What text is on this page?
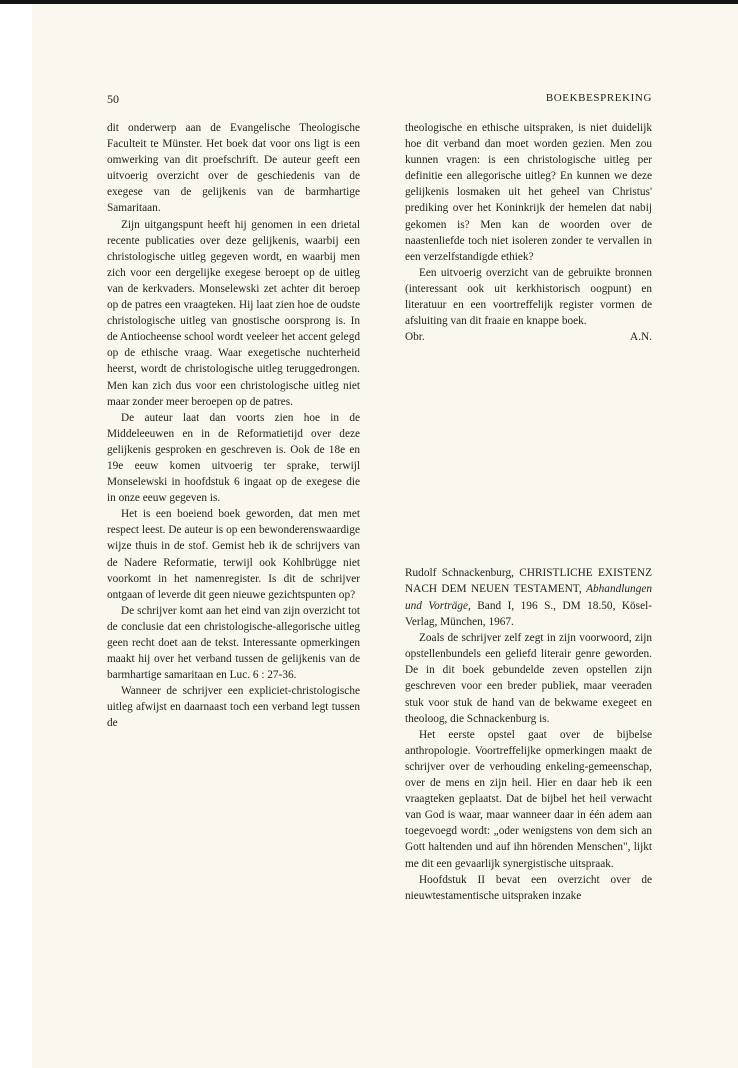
50	BOEKBESPREKING

dit onderwerp aan de Evangelische Theologische Faculteit te Münster. Het boek dat voor ons ligt is een omwerking van dit proefschrift. De auteur geeft een uitvoerig overzicht over de geschiedenis van de exegese van de gelijkenis van de barmhartige Samaritaan.

Zijn uitgangspunt heeft hij genomen in een drietal recente publicaties over deze gelijkenis, waarbij een christologische uitleg gegeven wordt, en waarbij men zich voor een dergelijke exegese beroept op de uitleg van de kerkvaders. Monselewski zet achter dit beroep op de patres een vraagteken. Hij laat zien hoe de oudste christologische uitleg van gnostische oorsprong is. In de Antiocheense school wordt veeleer het accent gelegd op de ethische vraag. Waar exegetische nuchterheid heerst, wordt de christologische uitleg teruggedrongen. Men kan zich dus voor een christologische uitleg niet maar zonder meer beroepen op de patres.

De auteur laat dan voorts zien hoe in de Middeleeuwen en in de Reformatietijd over deze gelijkenis gesproken en geschreven is. Ook de 18e en 19e eeuw komen uitvoerig ter sprake, terwijl Monselewski in hoofdstuk 6 ingaat op de exegese die in onze eeuw gegeven is.

Het is een boeiend boek geworden, dat men met respect leest. De auteur is op een bewonderenswaardige wijze thuis in de stof. Gemist heb ik de schrijvers van de Nadere Reformatie, terwijl ook Kohlbrügge niet voorkomt in het namenregister. Is dit de schrijver ontgaan of leverde dit geen nieuwe gezichtspunten op?

De schrijver komt aan het eind van zijn overzicht tot de conclusie dat een christologische-allegorische uitleg geen recht doet aan de tekst. Interessante opmerkingen maakt hij over het verband tussen de gelijkenis van de barmhartige samaritaan en Luc. 6 : 27-36.

Wanneer de schrijver een expliciet-christologische uitleg afwijst en daarnaast toch een verband legt tussen de

theologische en ethische uitspraken, is niet duidelijk hoe dit verband dan moet worden gezien. Men zou kunnen vragen: is een christologische uitleg per definitie een allegorische uitleg? En kunnen we deze gelijkenis losmaken uit het geheel van Christus' prediking over het Koninkrijk der hemelen dat nabij gekomen is? Men kan de woorden over de naastenliefde toch niet isoleren zonder te vervallen in een verzelfstandigde ethiek?

Een uitvoerig overzicht van de gebruikte bronnen (interessant ook uit kerkhistorisch oogpunt) en literatuur en een voortreffelijk register vormen de afsluiting van dit fraaie en knappe boek.

Obr.	A.N.

Rudolf Schnackenburg, CHRISTLICHE EXISTENZ NACH DEM NEUEN TESTAMENT, Abhandlungen und Vorträge, Band I, 196 S., DM 18.50, Kösel-Verlag, München, 1967.

Zoals de schrijver zelf zegt in zijn voorwoord, zijn opstellenbundels een geliefd literair genre geworden. De in dit boek gebundelde zeven opstellen zijn geschreven voor een breder publiek, maar veeraden stuk voor stuk de hand van de bekwame exegeet en theoloog, die Schnackenburg is.

Het eerste opstel gaat over de bijbelse anthropologie. Voortreffelijke opmerkingen maakt de schrijver over de verhouding enkeling-gemeenschap, over de mens en zijn heil. Hier en daar heb ik een vraagteken geplaatst. Dat de bijbel het heil verwacht van God is waar, maar wanneer daar in één adem aan toegevoegd wordt: „oder wenigstens von dem sich an Gott haltenden und auf ihn hörenden Menschen", lijkt me dit een gevaarlijk synergistische uitspraak.

Hoofdstuk II bevat een overzicht over de nieuwtestamentische uitspraken inzake
